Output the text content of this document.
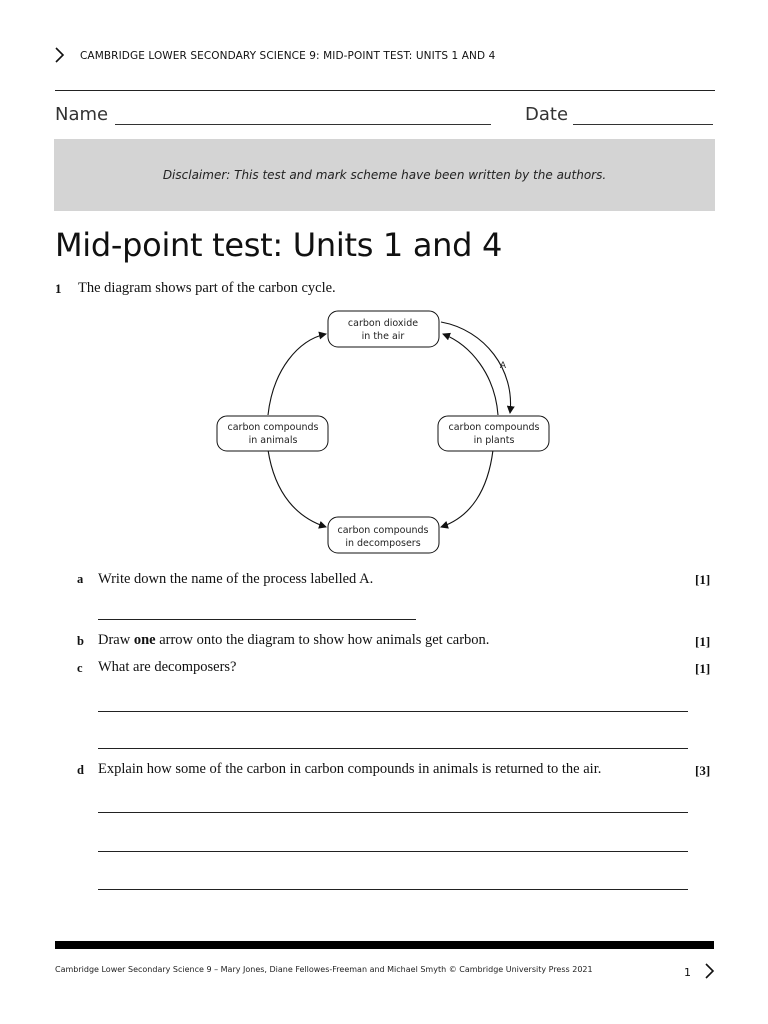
CAMBRIDGE LOWER SECONDARY SCIENCE 9: MID-POINT TEST: UNITS 1 AND 4
Name	Date
Disclaimer: This test and mark scheme have been written by the authors.
Mid-point test: Units 1 and 4
1 The diagram shows part of the carbon cycle.
carbon dioxide
in the air
carbon compounds
in animals
carbon compounds
in plants
carbon compounds
in decomposers
A
a Write down the name of the process labelled A.	[1]
b Draw one arrow onto the diagram to show how animals get carbon.	[1]
c What are decomposers?	[1]
d Explain how some of the carbon in carbon compounds in animals is returned to the air.	[3]
Cambridge Lower Secondary Science 9 – Mary Jones, Diane Fellowes-Freeman and Michael Smyth © Cambridge University Press 2021	1
